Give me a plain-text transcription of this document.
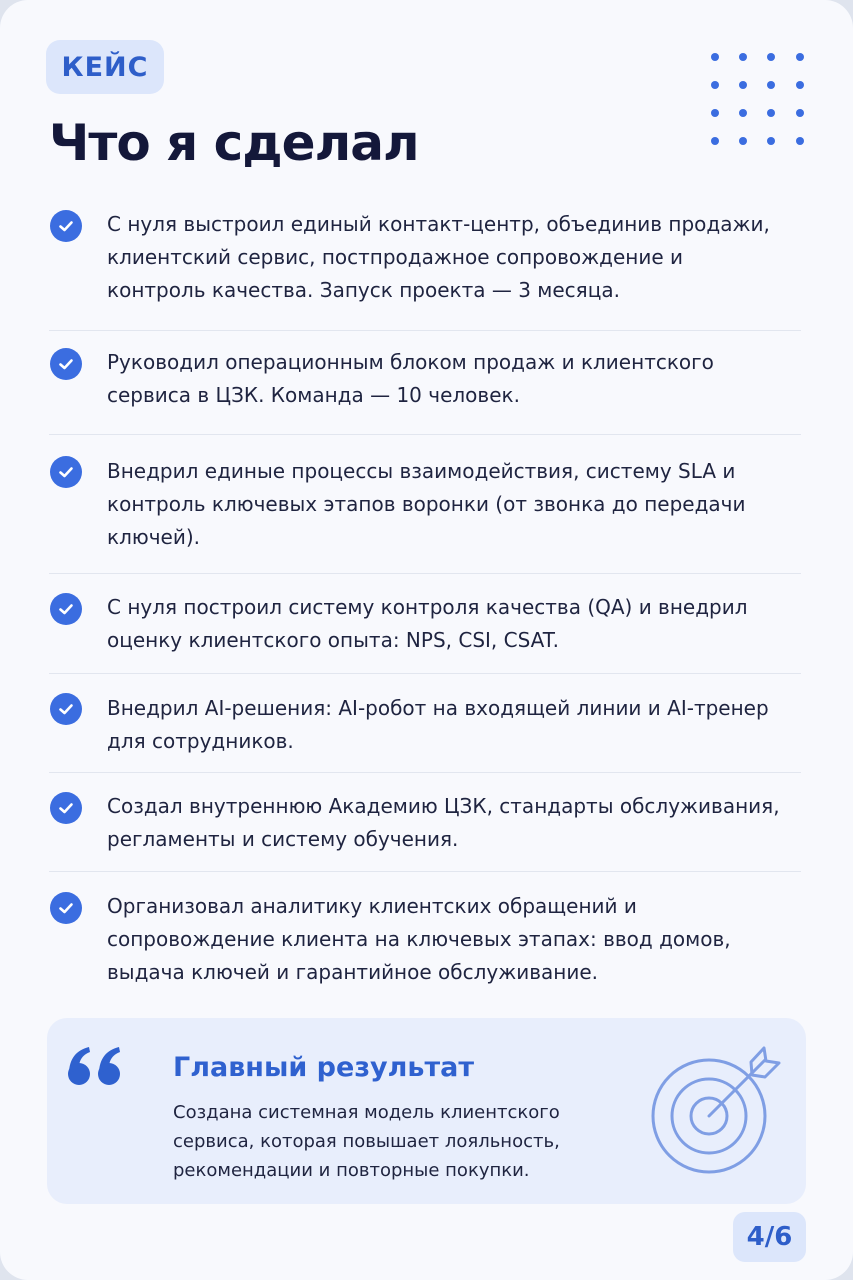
КЕЙС
Что я сделал
С нуля выстроил единый контакт-центр, объединив продажи, клиентский сервис, постпродажное сопровождение и контроль качества. Запуск проекта — 3 месяца.
Руководил операционным блоком продаж и клиентского сервиса в ЦЗК. Команда — 10 человек.
Внедрил единые процессы взаимодействия, систему SLA и контроль ключевых этапов воронки (от звонка до передачи ключей).
С нуля построил систему контроля качества (QA) и внедрил оценку клиентского опыта: NPS, CSI, CSAT.
Внедрил AI-решения: AI-робот на входящей линии и AI-тренер для сотрудников.
Создал внутреннюю Академию ЦЗК, стандарты обслуживания, регламенты и систему обучения.
Организовал аналитику клиентских обращений и сопровождение клиента на ключевых этапах: ввод домов, выдача ключей и гарантийное обслуживание.
Главный результат
Создана системная модель клиентского сервиса, которая повышает лояльность, рекомендации и повторные покупки.
4/6
